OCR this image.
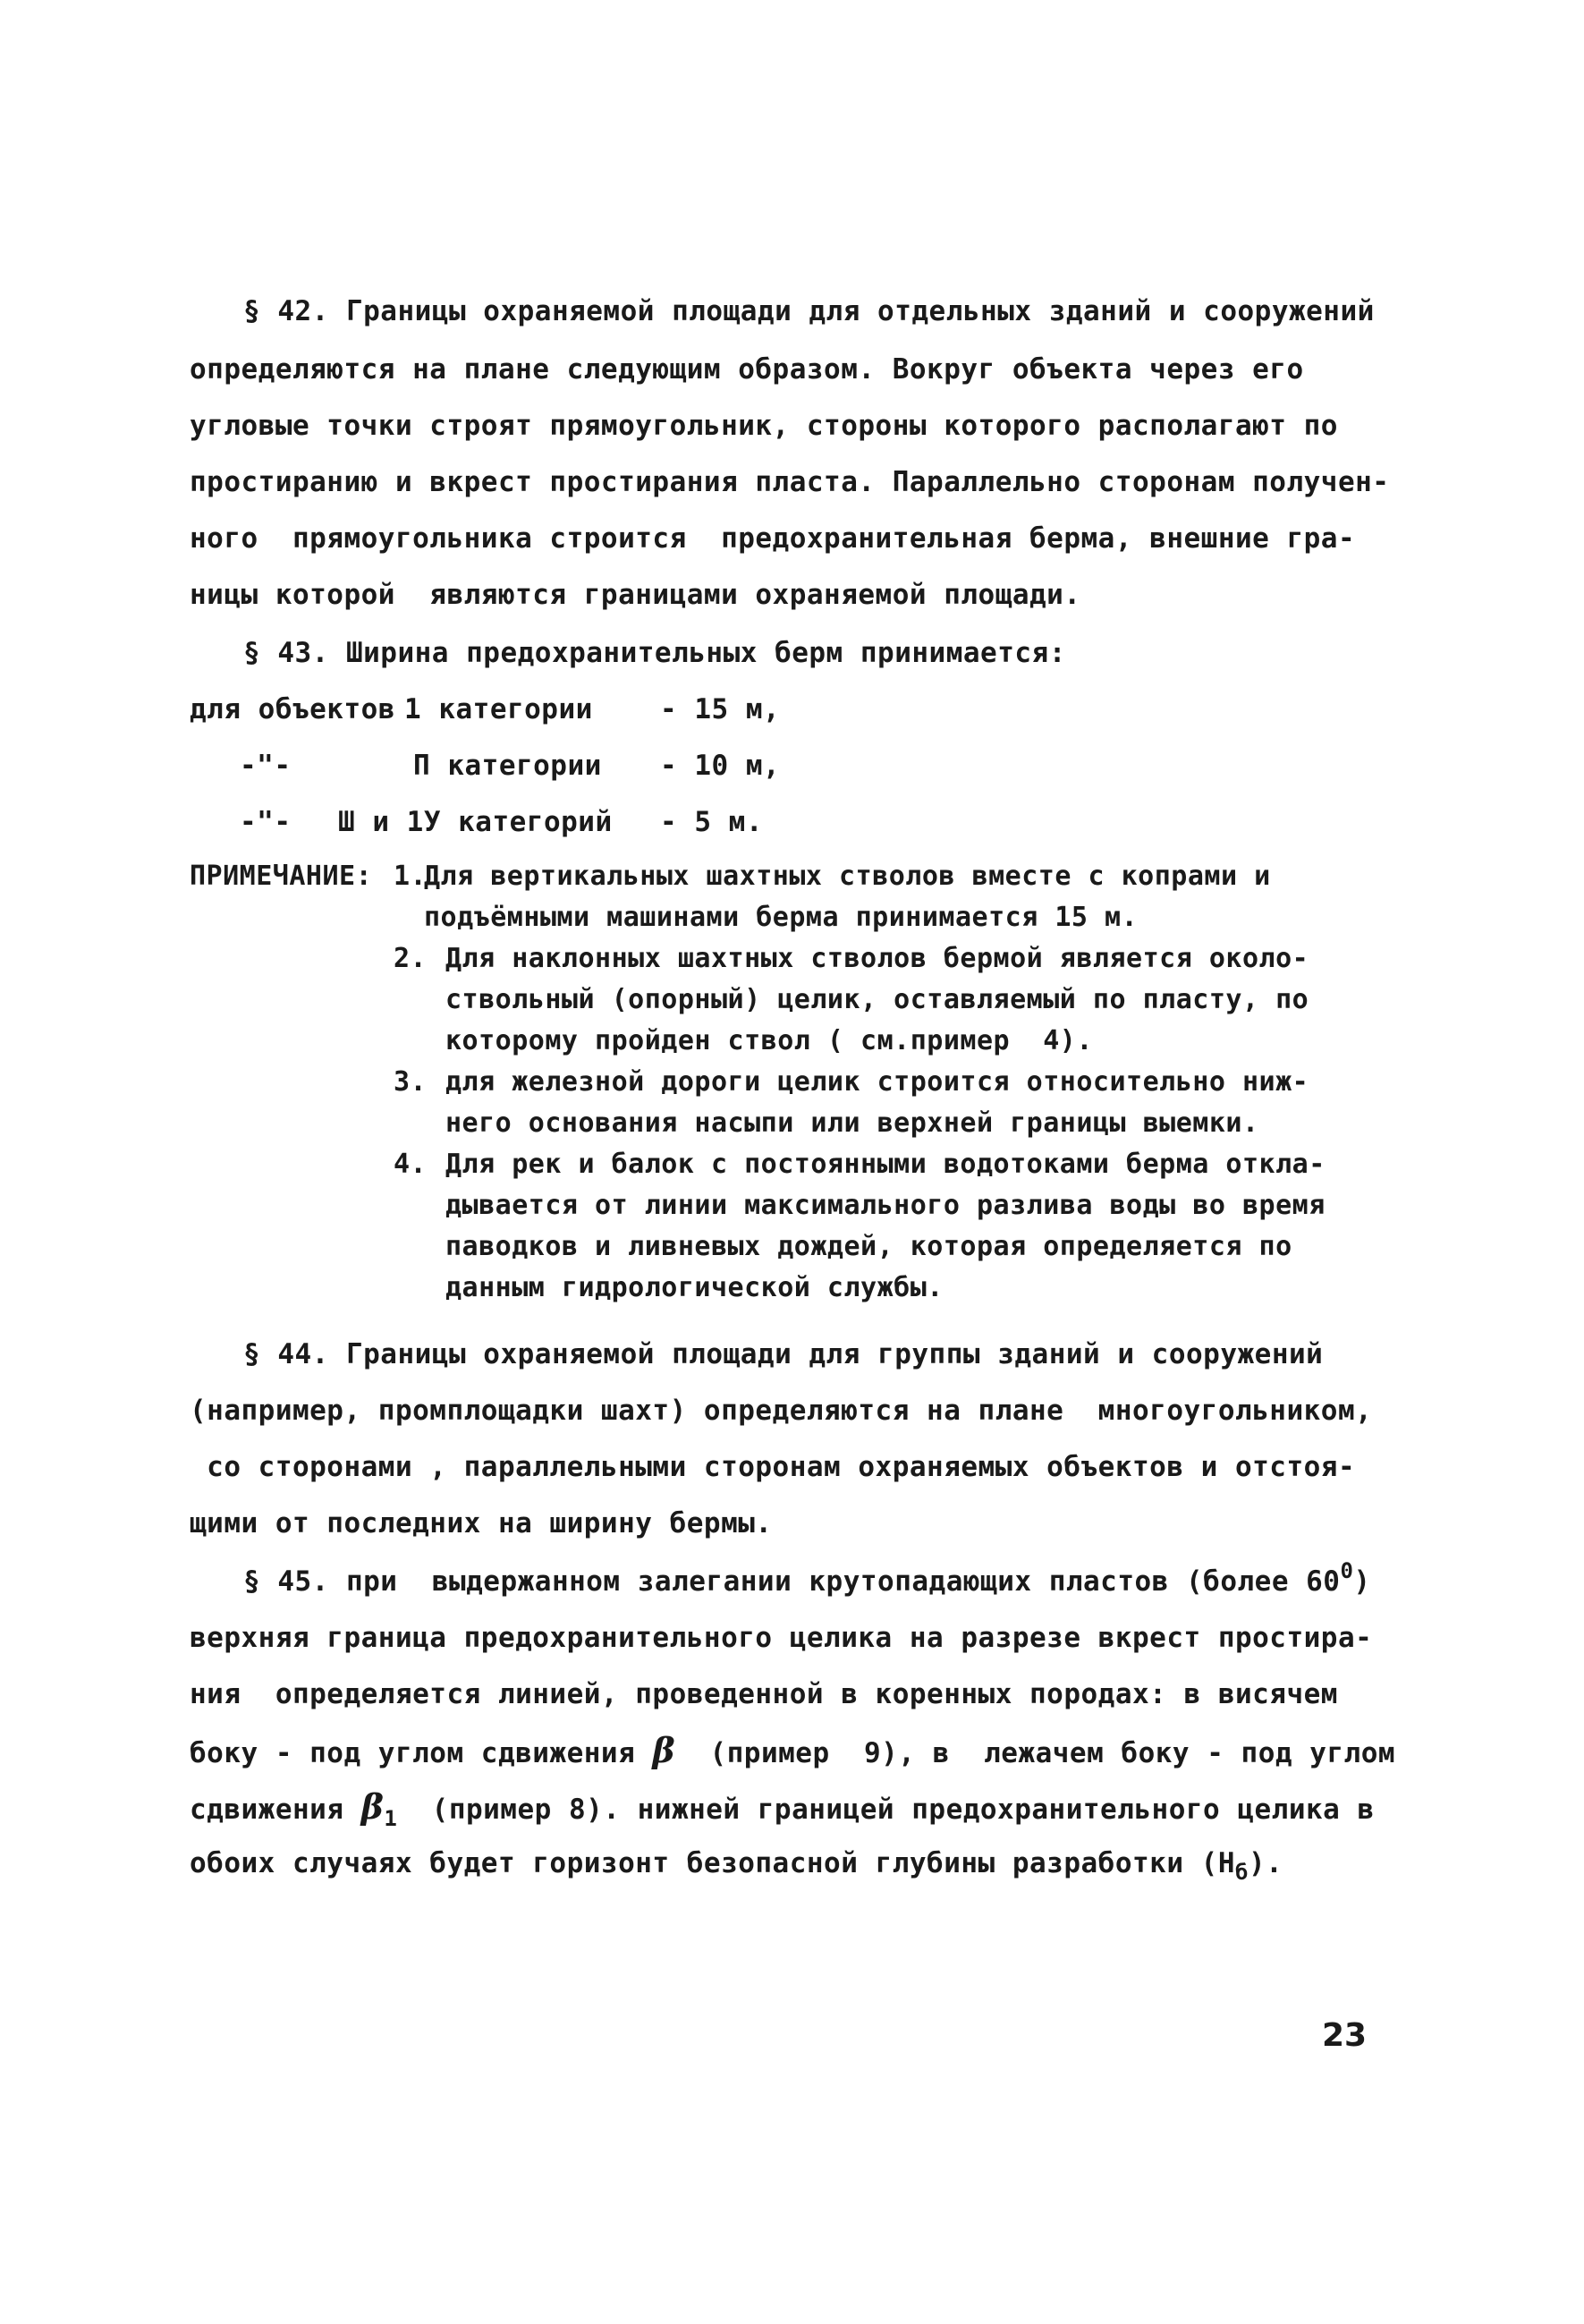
§ 42. Границы охраняемой площади для отдельных зданий и сооружений
определяются на плане следующим образом. Вокруг объекта через его
угловые точки строят прямоугольник, стороны которого располагают по
простиранию и вкрест простирания пласта. Параллельно сторонам получен-
ного  прямоугольника строится  предохранительная берма, внешние гра-
ницы которой  являются границами охраняемой площади.
§ 43. Ширина предохранительных берм принимается:
для объектов 1 категории - 15 м,
-"-	П категории - 10 м,
-"- Ш и 1У категорий - 5 м.
ПРИМЕЧАНИЕ: 1.
Для вертикальных шахтных стволов вместе с копрами и
подъёмными машинами берма принимается 15 м.
2. Для наклонных шахтных стволов бермой является около-
ствольный (опорный) целик, оставляемый по пласту, по
которому пройден ствол ( см.пример  4).
3. для железной дороги целик строится относительно ниж-
него основания насыпи или верхней границы выемки.
4. Для рек и балок с постоянными водотоками берма откла-
дывается от линии максимального разлива воды во время
паводков и ливневых дождей, которая определяется по
данным гидрологической службы.
§ 44. Границы охраняемой площади для группы зданий и сооружений
(например, промплощадки шахт) определяются на плане  многоугольником,
со сторонами , параллельными сторонам охраняемых объектов и отстоя-
щими от последних на ширину бермы.
§ 45. при  выдержанном залегании крутопадающих пластов (более $60^0$)
верхняя граница предохранительного целика на разрезе вкрест простира-
ния  определяется линией, проведенной в коренных породах: в висячем
боку - под углом сдвижения β  (пример  9), в  лежачем боку - под углом
сдвижения $\beta_1$  (пример 8). нижней границей предохранительного целика в
обоих случаях будет горизонт безопасной глубины разработки $(Н_б)$.
23
